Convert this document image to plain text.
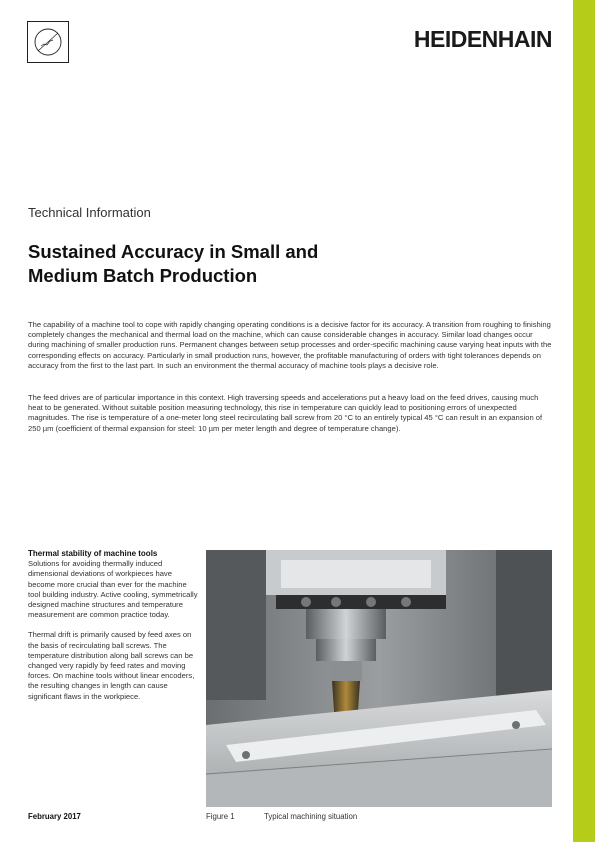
HEIDENHAIN
Technical Information
Sustained Accuracy in Small and Medium Batch Production
The capability of a machine tool to cope with rapidly changing operating conditions is a decisive factor for its accuracy. A transition from roughing to finishing completely changes the mechanical and thermal load on the machine, which can cause considerable changes in accuracy. Similar load changes occur during machining of smaller production runs. Permanent changes between setup processes and order-specific machining cause varying heat inputs with the corresponding effects on accuracy. Particularly in small production runs, however, the profitable manufacturing of orders with tight tolerances depends on accuracy from the first to the last part. In such an environment the thermal accuracy of machine tools plays a decisive role.
The feed drives are of particular importance in this context. High traversing speeds and accelerations put a heavy load on the feed drives, causing much heat to be generated. Without suitable position measuring technology, this rise in temperature can quickly lead to positioning errors of unexpected magnitudes. The rise is temperature of a one-meter long steel recirculating ball screw from 20 °C to an entirely typical 45 °C can result in an expansion of 250 µm (coefficient of thermal expansion for steel: 10 µm per meter length and degree of temperature change).
Thermal stability of machine tools

Solutions for avoiding thermally induced dimensional deviations of workpieces have become more crucial than ever for the machine tool building industry. Active cooling, symmetrically designed machine structures and temperature measurement are common practice today.

Thermal drift is primarily caused by feed axes on the basis of recirculating ball screws. The temperature distribution along ball screws can be changed very rapidly by feed rates and moving forces. On machine tools without linear encoders, the resulting changes in length can cause significant flaws in the workpiece.

February 2017	Figure 1	Typical machining situation
